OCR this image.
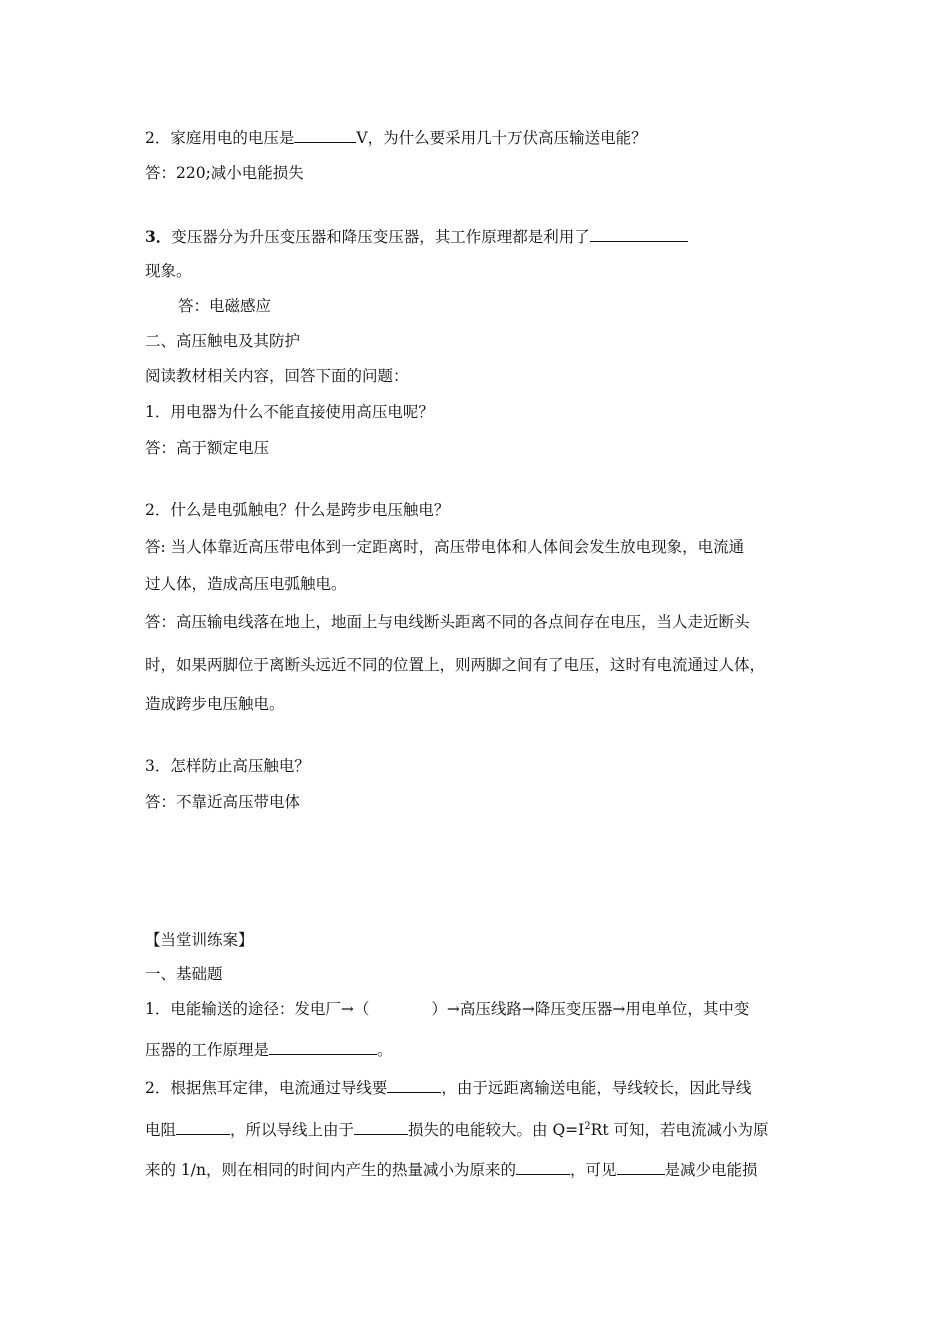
2．家庭用电的电压是	V，为什么要采用几十万伏高压输送电能？
答：220;减小电能损失
3．变压器分为升压变压器和降压变压器，其工作原理都是利用了
现象。
答：电磁感应
二、高压触电及其防护
阅读教材相关内容，回答下面的问题：
1．用电器为什么不能直接使用高压电呢？
答：高于额定电压
2．什么是电弧触电？什么是跨步电压触电？
答: 当人体靠近高压带电体到一定距离时，高压带电体和人体间会发生放电现象，电流通
过人体，造成高压电弧触电。
答：高压输电线落在地上，地面上与电线断头距离不同的各点间存在电压，当人走近断头
时，如果两脚位于离断头远近不同的位置上，则两脚之间有了电压，这时有电流通过人体，
造成跨步电压触电。
3．怎样防止高压触电？
答：不靠近高压带电体
【当堂训练案】
一、基础题
1．电能输送的途径：发电厂→（	）→高压线路→降压变压器→用电单位，其中变
压器的工作原理是	。
2．根据焦耳定律，电流通过导线要	，由于远距离输送电能，导线较长，因此导线
电阻	，所以导线上由于	损失的电能较大。由 $Q=I^2Rt$ 可知，若电流减小为原
来的 1/n，则在相同的时间内产生的热量减小为原来的	，可见	是减少电能损
